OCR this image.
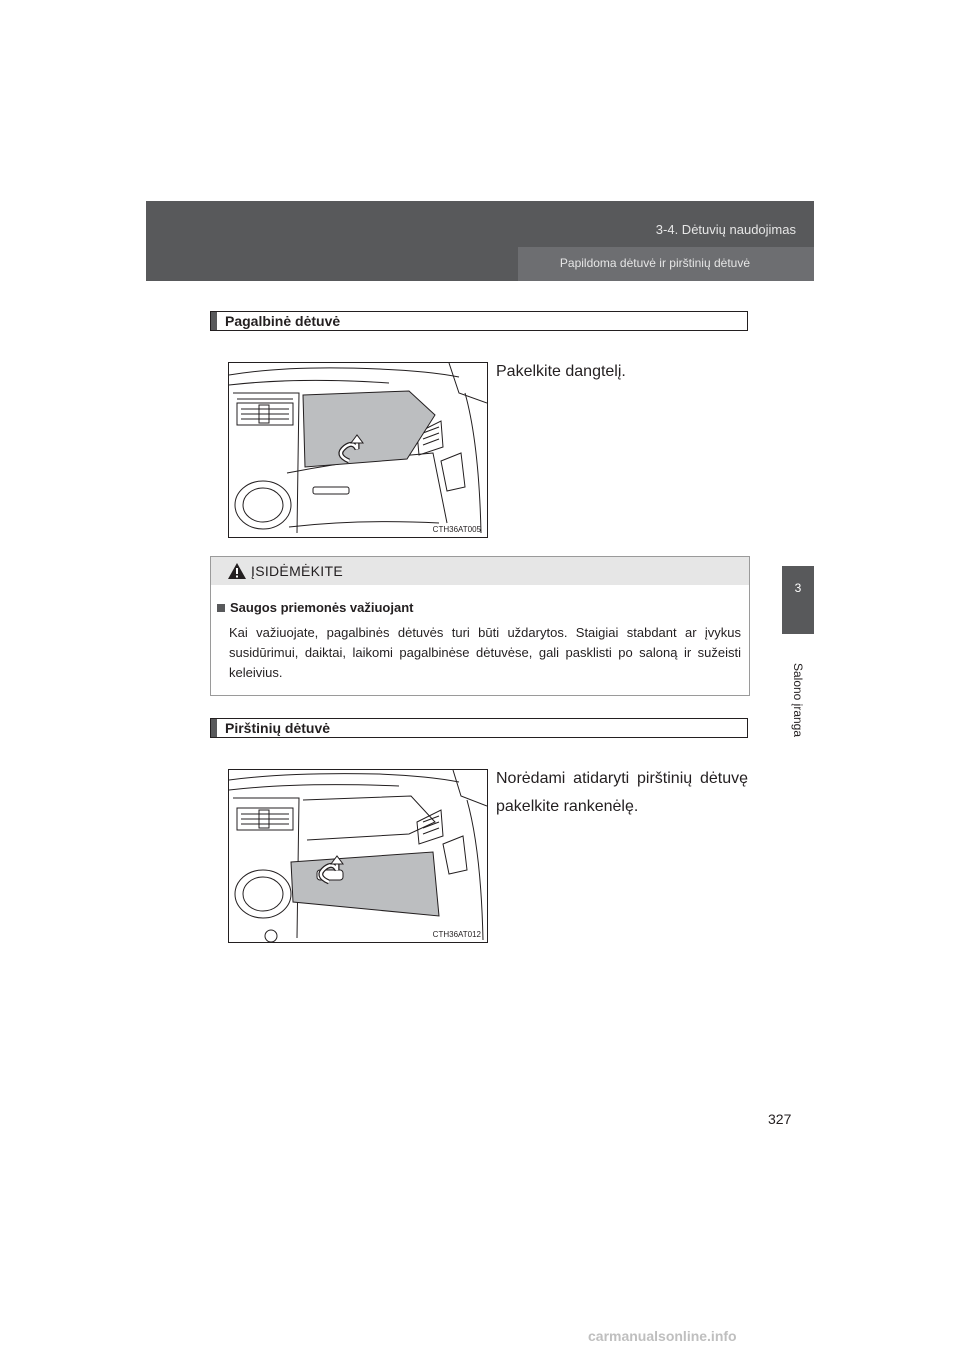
3-4. Dėtuvių naudojimas
Papildoma dėtuvė ir pirštinių dėtuvė
3
Salono įranga
Pagalbinė dėtuvė
CTH36AT005
Pakelkite dangtelį.
ĮSIDĖMĖKITE
Saugos priemonės važiuojant
Kai važiuojate, pagalbinės dėtuvės turi būti uždarytos. Staigiai stabdant ar įvykus susidūrimui, daiktai, laikomi pagalbinėse dėtuvėse, gali pasklisti po saloną ir sužeisti keleivius.
Pirštinių dėtuvė
CTH36AT012
Norėdami atidaryti pirštinių dėtuvę pakelkite rankenėlę.
327
carmanualsonline.info
